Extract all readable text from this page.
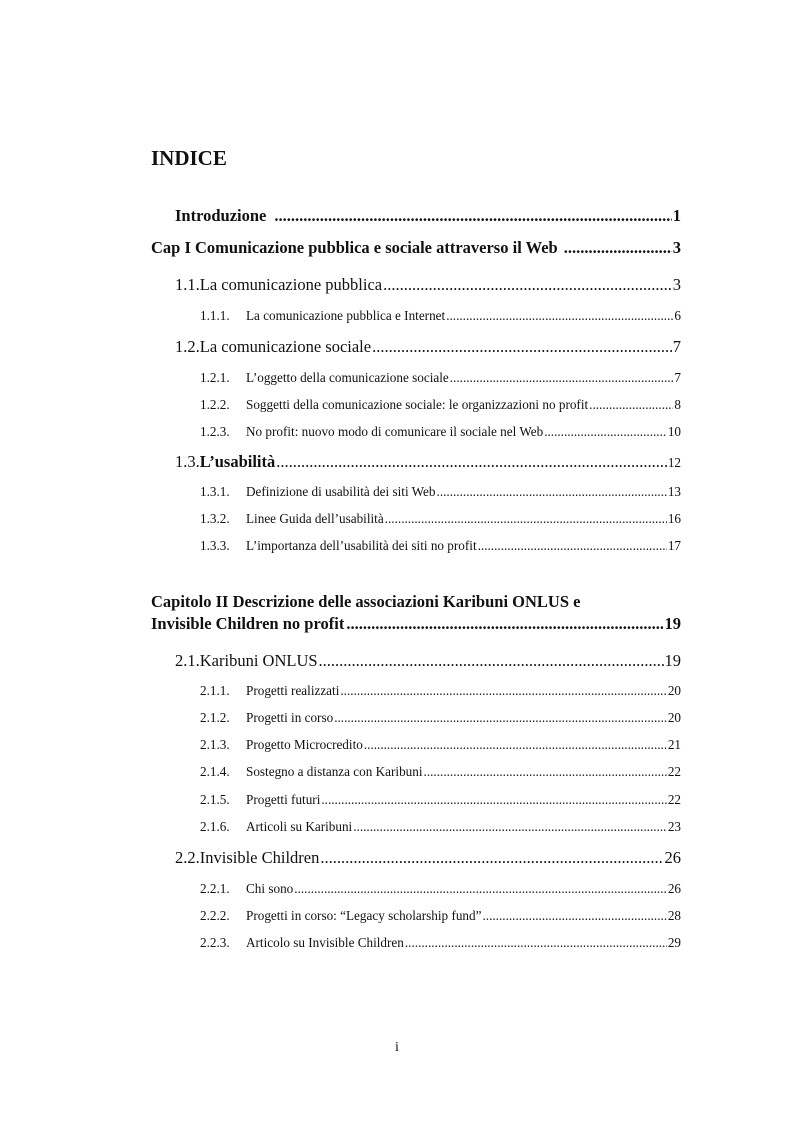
INDICE
Introduzione .....	1
Cap I Comunicazione pubblica e sociale attraverso il Web .....	3
1.1.La comunicazione pubblica .....	3
1.1.1. La comunicazione pubblica e Internet .....	6
1.2.La comunicazione sociale .....	7
1.2.1. L’oggetto della comunicazione sociale .....	7
1.2.2. Soggetti della comunicazione sociale: le organizzazioni no profit .....	8
1.2.3. No profit: nuovo modo di comunicare il sociale nel Web .....	10
1.3.L’usabilità .....	12
1.3.1. Definizione di usabilità dei siti Web .....	13
1.3.2. Linee Guida dell’usabilità .....	16
1.3.3. L’importanza dell’usabilità dei siti no profit .....	17
Capitolo II Descrizione delle associazioni Karibuni ONLUS e
Invisible Children no profit .....	19
2.1.Karibuni ONLUS .....	19
2.1.1. Progetti realizzati .....	20
2.1.2. Progetti in corso .....	20
2.1.3. Progetto Microcredito .....	21
2.1.4. Sostegno a distanza con Karibuni .....	22
2.1.5. Progetti futuri .....	22
2.1.6. Articoli su Karibuni .....	23
2.2.Invisible Children .....	26
2.2.1. Chi sono .....	26
2.2.2. Progetti in corso: “Legacy scholarship fund” .....	28
2.2.3. Articolo su Invisible Children .....	29
i
